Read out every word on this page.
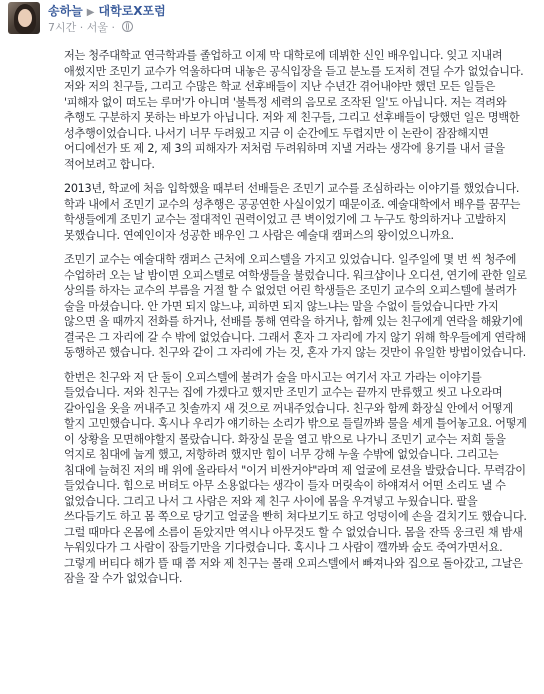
송하늘 ▶ 대학로X포럼
7시간 · 서울 ·

저는 청주대학교 연극학과를 졸업하고 이제 막 대학로에 데뷔한 신인 배우입니다. 잊고 지내려 애썼지만 조민기 교수가 억울하다며 내놓은 공식입장을 듣고 분노를 도저히 견딜 수가 없었습니다. 저와 저의 친구들, 그리고 수많은 학교 선후배들이 지난 수년간 겪어내야만 했던 모든 일들은 '피해자 없이 떠도는 루머'가 아니며 '불특정 세력의 음모로 조작된 일'도 아닙니다. 저는 격려와 추행도 구분하지 못하는 바보가 아닙니다. 저와 제 친구들, 그리고 선후배들이 당했던 일은 명백한 성추행이었습니다. 나서기 너무 두려웠고 지금 이 순간에도 두렵지만 이 논란이 잠잠해지면 어디에선가 또 제 2, 제 3의 피해자가 저처럼 두려워하며 지낼 거라는 생각에 용기를 내서 글을 적어보려고 합니다.

2013년, 학교에 처음 입학했을 때부터 선배들은 조민기 교수를 조심하라는 이야기를 했었습니다. 학과 내에서 조민기 교수의 성추행은 공공연한 사실이었기 때문이죠. 예술대학에서 배우를 꿈꾸는 학생들에게 조민기 교수는 절대적인 권력이었고 큰 벽이었기에 그 누구도 항의하거나 고발하지 못했습니다. 연예인이자 성공한 배우인 그 사람은 예술대 캠퍼스의 왕이었으니까요.

조민기 교수는 예술대학 캠퍼스 근처에 오피스텔을 가지고 있었습니다. 일주일에 몇 번 씩 청주에 수업하러 오는 날 밤이면 오피스텔로 여학생들을 불렀습니다. 워크샵이나 오디션, 연기에 관한 일로 상의를 하자는 교수의 부름을 거절 할 수 없었던 어린 학생들은 조민기 교수의 오피스텔에 불려가 술을 마셨습니다. 안 가면 되지 않느냐, 피하면 되지 않느냐는 말을 수없이 들었습니다만 가지 않으면 올 때까지 전화를 하거나, 선배를 통해 연락을 하거나, 함께 있는 친구에게 연락을 해왔기에 결국은 그 자리에 갈 수 밖에 없었습니다. 그래서 혼자 그 자리에 가지 않기 위해 학우들에게 연락해 동행하곤 했습니다. 친구와 같이 그 자리에 가는 것, 혼자 가지 않는 것만이 유일한 방법이었습니다.

한번은 친구와 저 단 둘이 오피스텔에 불려가 술을 마시고는 여기서 자고 가라는 이야기를 들었습니다. 저와 친구는 집에 가겠다고 했지만 조민기 교수는 끝까지 만류했고 씻고 나오라며 갈아입을 옷을 꺼내주고 칫솔까지 새 것으로 꺼내주었습니다. 친구와 함께 화장실 안에서 어떻게 할지 고민했습니다. 혹시나 우리가 얘기하는 소리가 밖으로 들릴까봐 물을 세게 틀어놓고요. 어떻게 이 상황을 모면해야할지 몰랐습니다. 화장실 문을 열고 밖으로 나가니 조민기 교수는 저희 둘을 억지로 침대에 눕게 했고, 저항하려 했지만 힘이 너무 강해 누울 수밖에 없었습니다. 그리고는 침대에 늘혀진 저의 배 위에 올라타서 "이거 비싼거야"라며 제 얼굴에 로션을 발랐습니다. 무력감이 들었습니다. 힘으로 버텨도 아무 소용없다는 생각이 들자 머릿속이 하얘져서 어떤 소리도 낼 수 없었습니다. 그리고 나서 그 사람은 저와 제 친구 사이에 몸을 우겨넣고 누웠습니다. 팔을 쓰다듬기도 하고 몸 쪽으로 당기고 얼굴을 빤히 쳐다보기도 하고 엉덩이에 손을 걸치기도 했습니다. 그럴 때마다 온몸에 소름이 돋았지만 역시나 아무것도 할 수 없었습니다. 몸을 잔뜩 웅크린 채 밤새 누워있다가 그 사람이 잠들기만을 기다렸습니다. 혹시나 그 사람이 깰까봐 숨도 죽여가면서요. 그렇게 버티다 해가 뜰 때 쯤 저와 제 친구는 몰래 오피스텔에서 빠져나와 집으로 돌아갔고, 그날은 잠을 잘 수가 없었습니다.
